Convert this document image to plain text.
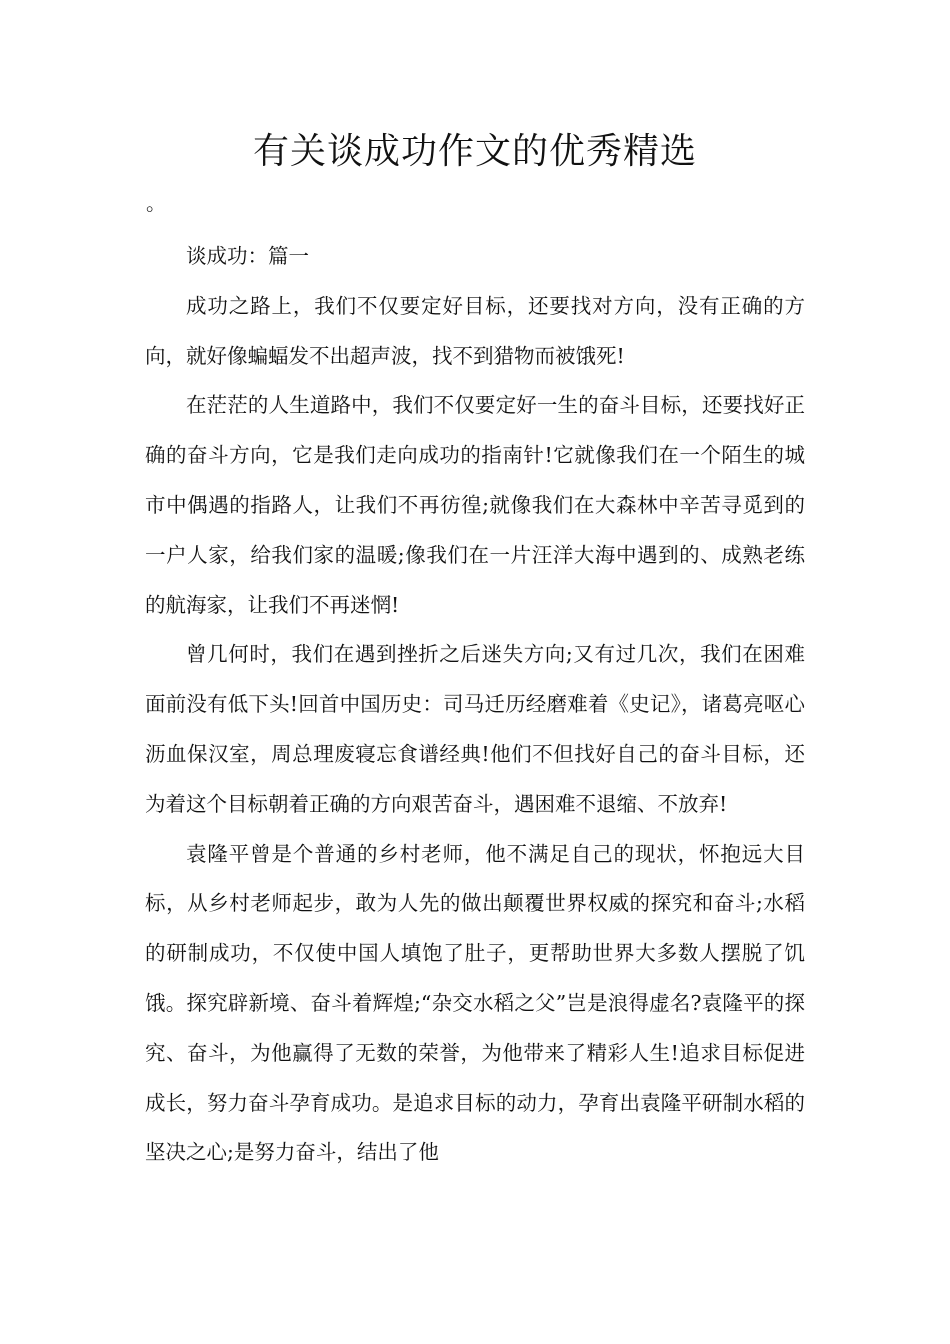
有关谈成功作文的优秀精选
。

谈成功：篇一

成功之路上，我们不仅要定好目标，还要找对方向，没有正确的方向，就好像蝙蝠发不出超声波，找不到猎物而被饿死!

在茫茫的人生道路中，我们不仅要定好一生的奋斗目标，还要找好正确的奋斗方向，它是我们走向成功的指南针!它就像我们在一个陌生的城市中偶遇的指路人，让我们不再彷徨;就像我们在大森林中辛苦寻觅到的一户人家，给我们家的温暖;像我们在一片汪洋大海中遇到的、成熟老练的航海家，让我们不再迷惘!

曾几何时，我们在遇到挫折之后迷失方向;又有过几次，我们在困难面前没有低下头!回首中国历史：司马迁历经磨难着《史记》，诸葛亮呕心沥血保汉室，周总理废寝忘食谱经典!他们不但找好自己的奋斗目标，还为着这个目标朝着正确的方向艰苦奋斗，遇困难不退缩、不放弃!

袁隆平曾是个普通的乡村老师，他不满足自己的现状，怀抱远大目标，从乡村老师起步，敢为人先的做出颠覆世界权威的探究和奋斗;水稻的研制成功，不仅使中国人填饱了肚子，更帮助世界大多数人摆脱了饥饿。探究辟新境、奋斗着辉煌;“杂交水稻之父”岂是浪得虚名?袁隆平的探究、奋斗，为他赢得了无数的荣誉，为他带来了精彩人生!追求目标促进成长，努力奋斗孕育成功。是追求目标的动力，孕育出袁隆平研制水稻的坚决之心;是努力奋斗，结出了他
